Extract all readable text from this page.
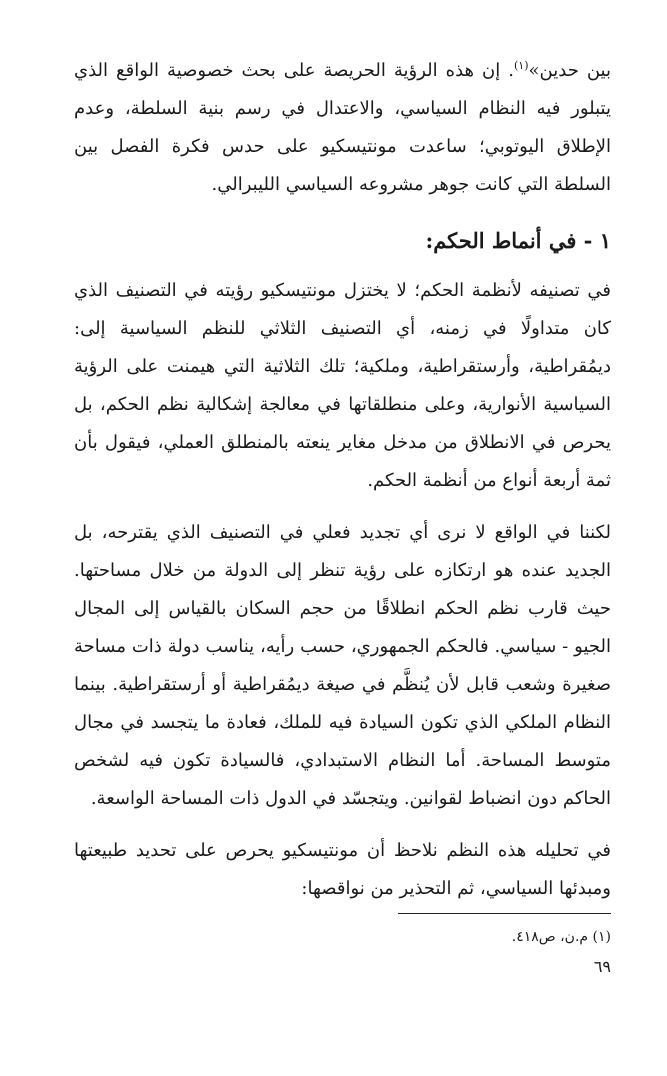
بين حدين»$^{(١)}$. إن هذه الرؤية الحريصة على بحث خصوصية الواقع الذي يتبلور فيه النظام السياسي، والاعتدال في رسم بنية السلطة، وعدم الإطلاق اليوتوبي؛ ساعدت مونتيسكيو على حدس فكرة الفصل بين السلطة التي كانت جوهر مشروعه السياسي الليبرالي.

١ - في أنماط الحكم:

في تصنيفه لأنظمة الحكم؛ لا يختزل مونتيسكيو رؤيته في التصنيف الذي كان متداولًا في زمنه، أي التصنيف الثلاثي للنظم السياسية إلى: ديمُقراطية، وأرستقراطية، وملكية؛ تلك الثلاثية التي هيمنت على الرؤية السياسية الأنوارية، وعلى منطلقاتها في معالجة إشكالية نظم الحكم، بل يحرص في الانطلاق من مدخل مغاير ينعته بالمنطلق العملي، فيقول بأن ثمة أربعة أنواع من أنظمة الحكم.

لكننا في الواقع لا نرى أي تجديد فعلي في التصنيف الذي يقترحه، بل الجديد عنده هو ارتكازه على رؤية تنظر إلى الدولة من خلال مساحتها. حيث قارب نظم الحكم انطلاقًا من حجم السكان بالقياس إلى المجال الجيو - سياسي. فالحكم الجمهوري، حسب رأيه، يناسب دولة ذات مساحة صغيرة وشعب قابل لأن يُنظَّم في صيغة ديمُقراطية أو أرستقراطية. بينما النظام الملكي الذي تكون السيادة فيه للملك، فعادة ما يتجسد في مجال متوسط المساحة. أما النظام الاستبدادي، فالسيادة تكون فيه لشخص الحاكم دون انضباط لقوانين. ويتجسّد في الدول ذات المساحة الواسعة.

في تحليله هذه النظم نلاحظ أن مونتيسكيو يحرص على تحديد طبيعتها ومبدئها السياسي، ثم التحذير من نواقصها:

(١) م.ن، ص٤١٨.
٦٩
